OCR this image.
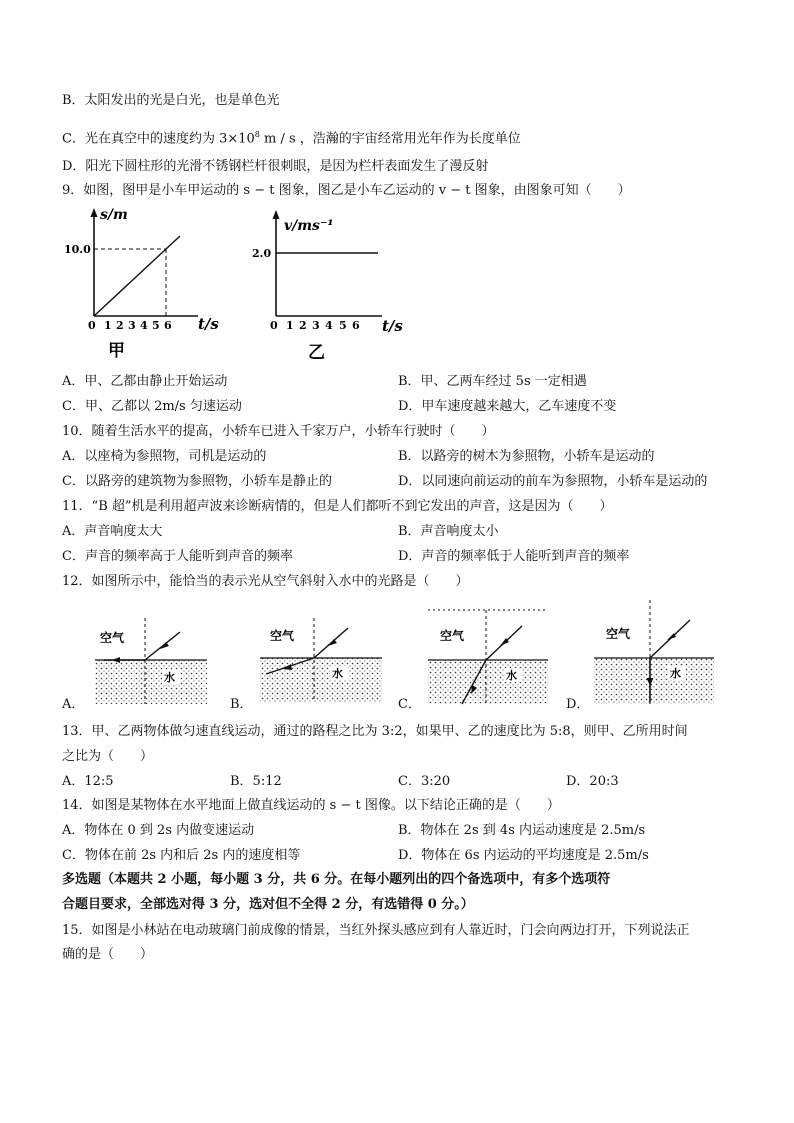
B．太阳发出的光是白光，也是单色光
C．光在真空中的速度约为 $3\times 10^8$ m / s ，浩瀚的宇宙经常用光年作为长度单位
D．阳光下圆柱形的光滑不锈钢栏杆很刺眼，是因为栏杆表面发生了漫反射
9．如图，图甲是小车甲运动的 s − t 图象，图乙是小车乙运动的 v − t 图象，由图象可知（　　）
10.0
s/m
0 1 2 3 4 5 6 t/s
甲
2.0
v/ms⁻¹
0 1 2 3 4 5 6 t/s
乙
A．甲、乙都由静止开始运动	B．甲、乙两车经过 5s 一定相遇
C．甲、乙都以 2m/s 匀速运动	D．甲车速度越来越大，乙车速度不变
10．随着生活水平的提高，小轿车已进入千家万户，小轿车行驶时（　　）
A．以座椅为参照物，司机是运动的	B．以路旁的树木为参照物，小轿车是运动的
C．以路旁的建筑物为参照物，小轿车是静止的	D．以同速向前运动的前车为参照物，小轿车是运动的
11．“B 超”机是利用超声波来诊断病情的，但是人们都听不到它发出的声音，这是因为（　　）
A．声音响度太大	B．声音响度太小
C．声音的频率高于人能听到声音的频率	D．声音的频率低于人能听到声音的频率
12．如图所示中，能恰当的表示光从空气斜射入水中的光路是（　　）
空气
水
A．
空气
水
B．
空气
水
C．
空气
水
D．
13．甲、乙两物体做匀速直线运动，通过的路程之比为 3:2，如果甲、乙的速度比为 5:8，则甲、乙所用时间
之比为（　　）
A．12:5	B．5:12	C．3:20	D．20:3
14．如图是某物体在水平地面上做直线运动的 s − t 图像。以下结论正确的是（　　）
A．物体在 0 到 2s 内做变速运动	B．物体在 2s 到 4s 内运动速度是 2.5m/s
C．物体在前 2s 内和后 2s 内的速度相等	D．物体在 6s 内运动的平均速度是 2.5m/s
多选题（本题共 2 小题，每小题 3 分，共 6 分。在每小题列出的四个备选项中，有多个选项符
合题目要求，全部选对得 3 分，选对但不全得 2 分，有选错得 0 分。）
15．如图是小林站在电动玻璃门前成像的情景，当红外探头感应到有人靠近时，门会向两边打开，下列说法正
确的是（　　）
